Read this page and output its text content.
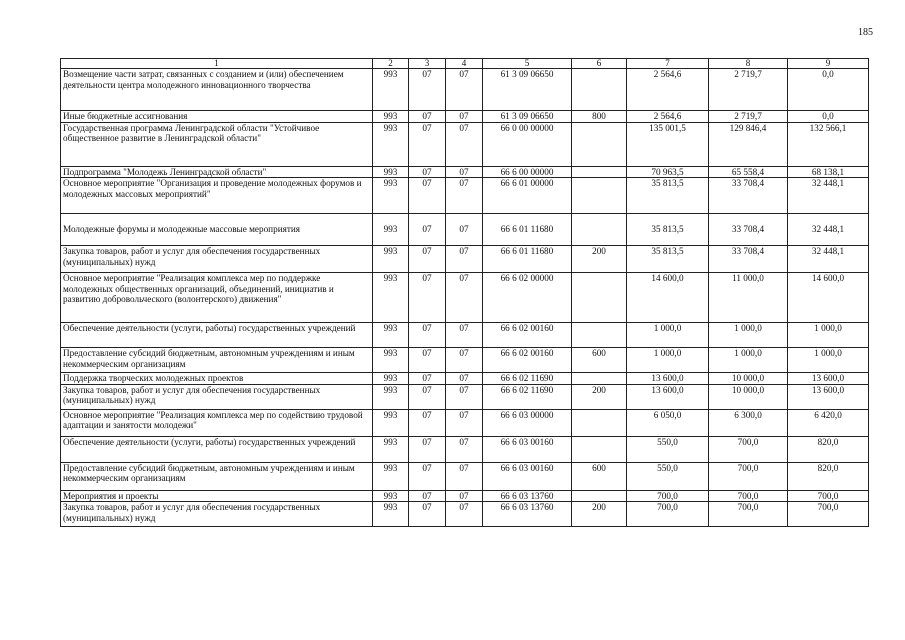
185
1	2	3	4	5	6	7	8	9
Возмещение части затрат, связанных с созданием и (или) обеспечением деятельности центра молодежного инновационного творчества	993	07	07	61 3 09 06650		2 564,6	2 719,7	0,0
Иные бюджетные ассигнования	993	07	07	61 3 09 06650	800	2 564,6	2 719,7	0,0
Государственная программа Ленинградской области "Устойчивое общественное развитие в Ленинградской области"	993	07	07	66 0 00 00000		135 001,5	129 846,4	132 566,1
Подпрограмма "Молодежь Ленинградской области"	993	07	07	66 6 00 00000		70 963,5	65 558,4	68 138,1
Основное мероприятие "Организация и проведение молодежных форумов и молодежных массовых мероприятий"	993	07	07	66 6 01 00000		35 813,5	33 708,4	32 448,1
Молодежные форумы и молодежные массовые мероприятия	993	07	07	66 6 01 11680		35 813,5	33 708,4	32 448,1
Закупка товаров, работ и услуг для обеспечения государственных (муниципальных) нужд	993	07	07	66 6 01 11680	200	35 813,5	33 708,4	32 448,1
Основное мероприятие "Реализация комплекса мер по поддержке молодежных общественных организаций, объединений, инициатив и развитию добровольческого (волонтерского) движения"	993	07	07	66 6 02 00000		14 600,0	11 000,0	14 600,0
Обеспечение деятельности (услуги, работы) государственных учреждений	993	07	07	66 6 02 00160		1 000,0	1 000,0	1 000,0
Предоставление субсидий бюджетным, автономным учреждениям и иным некоммерческим организациям	993	07	07	66 6 02 00160	600	1 000,0	1 000,0	1 000,0
Поддержка творческих молодежных проектов	993	07	07	66 6 02 11690		13 600,0	10 000,0	13 600,0
Закупка товаров, работ и услуг для обеспечения государственных (муниципальных) нужд	993	07	07	66 6 02 11690	200	13 600,0	10 000,0	13 600,0
Основное мероприятие "Реализация комплекса мер по содействию трудовой адаптации и занятости молодежи"	993	07	07	66 6 03 00000		6 050,0	6 300,0	6 420,0
Обеспечение деятельности (услуги, работы) государственных учреждений	993	07	07	66 6 03 00160		550,0	700,0	820,0
Предоставление субсидий бюджетным, автономным учреждениям и иным некоммерческим организациям	993	07	07	66 6 03 00160	600	550,0	700,0	820,0
Мероприятия и проекты	993	07	07	66 6 03 13760		700,0	700,0	700,0
Закупка товаров, работ и услуг для обеспечения государственных (муниципальных) нужд	993	07	07	66 6 03 13760	200	700,0	700,0	700,0
